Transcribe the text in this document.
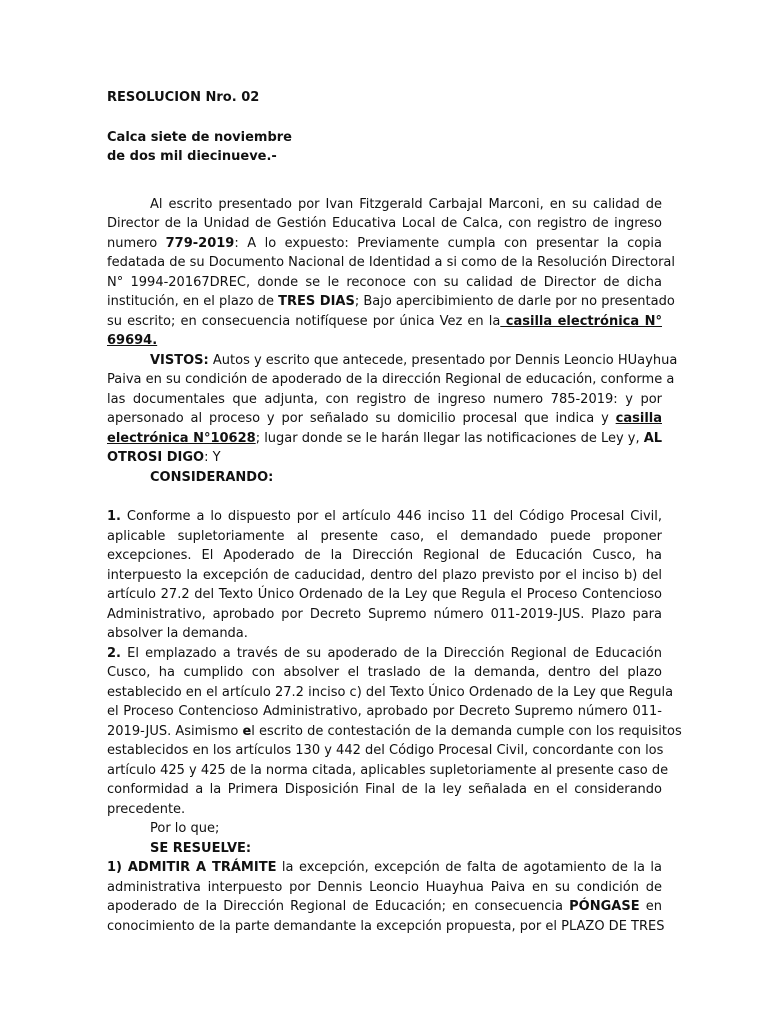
RESOLUCION Nro. 02
Calca siete de noviembre
de dos mil diecinueve.-
Al escrito presentado por Ivan Fitzgerald Carbajal Marconi, en su calidad de
Director de la Unidad de Gestión Educativa Local de Calca, con registro de ingreso
numero 779-2019: A lo expuesto: Previamente cumpla con presentar la copia
fedatada de su Documento Nacional de Identidad a si como de la Resolución Directoral
N° 1994-20167DREC, donde se le reconoce con su calidad de Director de dicha
institución, en el plazo de TRES DIAS; Bajo apercibimiento de darle por no presentado
su escrito; en consecuencia notifíquese por única Vez en la casilla electrónica N°
69694.
VISTOS: Autos y escrito que antecede, presentado por Dennis Leoncio HUayhua
Paiva en su condición de apoderado de la dirección Regional de educación, conforme a
las documentales que adjunta, con registro de ingreso numero 785-2019: y por
apersonado al proceso y por señalado su domicilio procesal que indica y casilla
electrónica N°10628; lugar donde se le harán llegar las notificaciones de Ley y, AL
OTROSI DIGO: Y
CONSIDERANDO:
1. Conforme a lo dispuesto por el artículo 446 inciso 11 del Código Procesal Civil,
aplicable supletoriamente al presente caso, el demandado puede proponer
excepciones. El Apoderado de la Dirección Regional de Educación Cusco, ha
interpuesto la excepción de caducidad, dentro del plazo previsto por el inciso b) del
artículo 27.2 del Texto Único Ordenado de la Ley que Regula el Proceso Contencioso
Administrativo, aprobado por Decreto Supremo número 011-2019-JUS. Plazo para
absolver la demanda.
2. El emplazado a través de su apoderado de la Dirección Regional de Educación
Cusco, ha cumplido con absolver el traslado de la demanda, dentro del plazo
establecido en el artículo 27.2 inciso c) del Texto Único Ordenado de la Ley que Regula
el Proceso Contencioso Administrativo, aprobado por Decreto Supremo número 011-
2019-JUS. Asimismo el escrito de contestación de la demanda cumple con los requisitos
establecidos en los artículos 130 y 442 del Código Procesal Civil, concordante con los
artículo 425 y 425 de la norma citada, aplicables supletoriamente al presente caso de
conformidad a la Primera Disposición Final de la ley señalada en el considerando
precedente.
Por lo que;
SE RESUELVE:
1) ADMITIR A TRÁMITE la excepción, excepción de falta de agotamiento de la la
administrativa interpuesto por Dennis Leoncio Huayhua Paiva en su condición de
apoderado de la Dirección Regional de Educación; en consecuencia PÓNGASE en
conocimiento de la parte demandante la excepción propuesta, por el PLAZO DE TRES
